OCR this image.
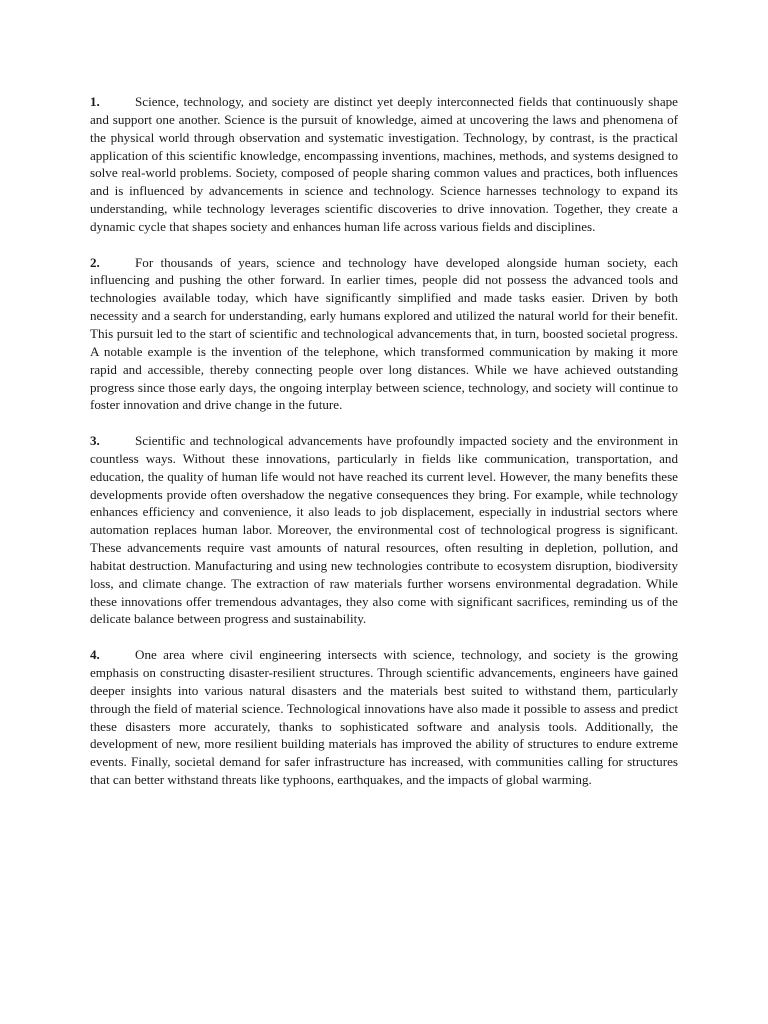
1.	Science, technology, and society are distinct yet deeply interconnected fields that continuously shape and support one another. Science is the pursuit of knowledge, aimed at uncovering the laws and phenomena of the physical world through observation and systematic investigation. Technology, by contrast, is the practical application of this scientific knowledge, encompassing inventions, machines, methods, and systems designed to solve real-world problems. Society, composed of people sharing common values and practices, both influences and is influenced by advancements in science and technology. Science harnesses technology to expand its understanding, while technology leverages scientific discoveries to drive innovation. Together, they create a dynamic cycle that shapes society and enhances human life across various fields and disciplines.

2.	For thousands of years, science and technology have developed alongside human society, each influencing and pushing the other forward. In earlier times, people did not possess the advanced tools and technologies available today, which have significantly simplified and made tasks easier. Driven by both necessity and a search for understanding, early humans explored and utilized the natural world for their benefit. This pursuit led to the start of scientific and technological advancements that, in turn, boosted societal progress. A notable example is the invention of the telephone, which transformed communication by making it more rapid and accessible, thereby connecting people over long distances. While we have achieved outstanding progress since those early days, the ongoing interplay between science, technology, and society will continue to foster innovation and drive change in the future.

3.	Scientific and technological advancements have profoundly impacted society and the environment in countless ways. Without these innovations, particularly in fields like communication, transportation, and education, the quality of human life would not have reached its current level. However, the many benefits these developments provide often overshadow the negative consequences they bring. For example, while technology enhances efficiency and convenience, it also leads to job displacement, especially in industrial sectors where automation replaces human labor. Moreover, the environmental cost of technological progress is significant. These advancements require vast amounts of natural resources, often resulting in depletion, pollution, and habitat destruction. Manufacturing and using new technologies contribute to ecosystem disruption, biodiversity loss, and climate change. The extraction of raw materials further worsens environmental degradation. While these innovations offer tremendous advantages, they also come with significant sacrifices, reminding us of the delicate balance between progress and sustainability.

4.	One area where civil engineering intersects with science, technology, and society is the growing emphasis on constructing disaster-resilient structures. Through scientific advancements, engineers have gained deeper insights into various natural disasters and the materials best suited to withstand them, particularly through the field of material science. Technological innovations have also made it possible to assess and predict these disasters more accurately, thanks to sophisticated software and analysis tools. Additionally, the development of new, more resilient building materials has improved the ability of structures to endure extreme events. Finally, societal demand for safer infrastructure has increased, with communities calling for structures that can better withstand threats like typhoons, earthquakes, and the impacts of global warming.
